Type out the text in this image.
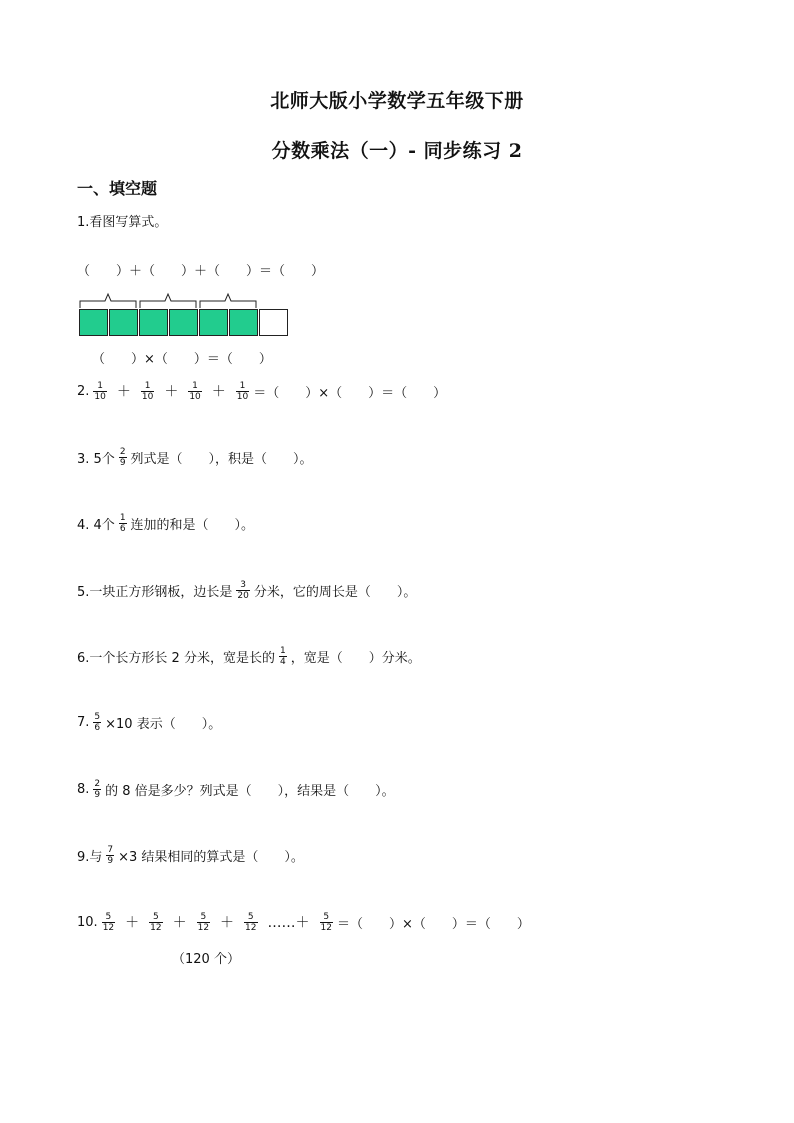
北师大版小学数学五年级下册
分数乘法（一）- 同步练习 2
一、填空题
1.看图写算式。
（　　）＋（　　）＋（　　）＝（　　）
（　　）×（　　）＝（　　）
2. $\frac{1}{10} + \frac{1}{10} + \frac{1}{10} + \frac{1}{10}$ ＝（　　）×（　　）＝（　　）
3. 5个 $\frac{2}{9}$ 列式是（　　），积是（　　）。
4. 4个 $\frac{1}{6}$ 连加的和是（　　）。
5.一块正方形钢板，边长是 $\frac{3}{20}$ 分米，它的周长是（　　）。
6.一个长方形长 2 分米，宽是长的 $\frac{1}{4}$ ，宽是（　　）分米。
7. $\frac{5}{6} \times 10$ 表示（　　）。
8. $\frac{2}{9}$ 的 8 倍是多少？列式是（　　），结果是（　　）。
9.与 $\frac{7}{9} \times 3$ 结果相同的算式是（　　）。
10. $\frac{5}{12} + \frac{5}{12} + \frac{5}{12} + \frac{5}{12}$ ……＋ $\frac{5}{12}$ ＝（　　）×（　　）＝（　　）
（120 个）
